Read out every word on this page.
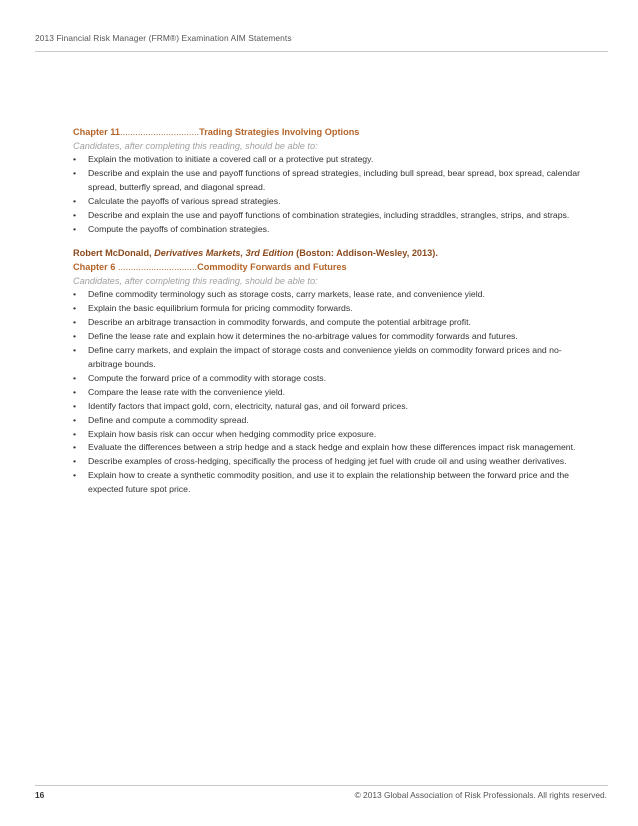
2013 Financial Risk Manager (FRM®) Examination AIM Statements
Chapter 11...............................Trading Strategies Involving Options
Candidates, after completing this reading, should be able to:
• Explain the motivation to initiate a covered call or a protective put strategy.
• Describe and explain the use and payoff functions of spread strategies, including bull spread, bear spread, box spread, calendar spread, butterfly spread, and diagonal spread.
• Calculate the payoffs of various spread strategies.
• Describe and explain the use and payoff functions of combination strategies, including straddles, strangles, strips, and straps.
• Compute the payoffs of combination strategies.
Robert McDonald, Derivatives Markets, 3rd Edition (Boston: Addison-Wesley, 2013).
Chapter 6 ...............................Commodity Forwards and Futures
Candidates, after completing this reading, should be able to:
• Define commodity terminology such as storage costs, carry markets, lease rate, and convenience yield.
• Explain the basic equilibrium formula for pricing commodity forwards.
• Describe an arbitrage transaction in commodity forwards, and compute the potential arbitrage profit.
• Define the lease rate and explain how it determines the no-arbitrage values for commodity forwards and futures.
• Define carry markets, and explain the impact of storage costs and convenience yields on commodity forward prices and no-arbitrage bounds.
• Compute the forward price of a commodity with storage costs.
• Compare the lease rate with the convenience yield.
• Identify factors that impact gold, corn, electricity, natural gas, and oil forward prices.
• Define and compute a commodity spread.
• Explain how basis risk can occur when hedging commodity price exposure.
• Evaluate the differences between a strip hedge and a stack hedge and explain how these differences impact risk management.
• Describe examples of cross-hedging, specifically the process of hedging jet fuel with crude oil and using weather derivatives.
• Explain how to create a synthetic commodity position, and use it to explain the relationship between the forward price and the expected future spot price.
16	© 2013 Global Association of Risk Professionals. All rights reserved.
